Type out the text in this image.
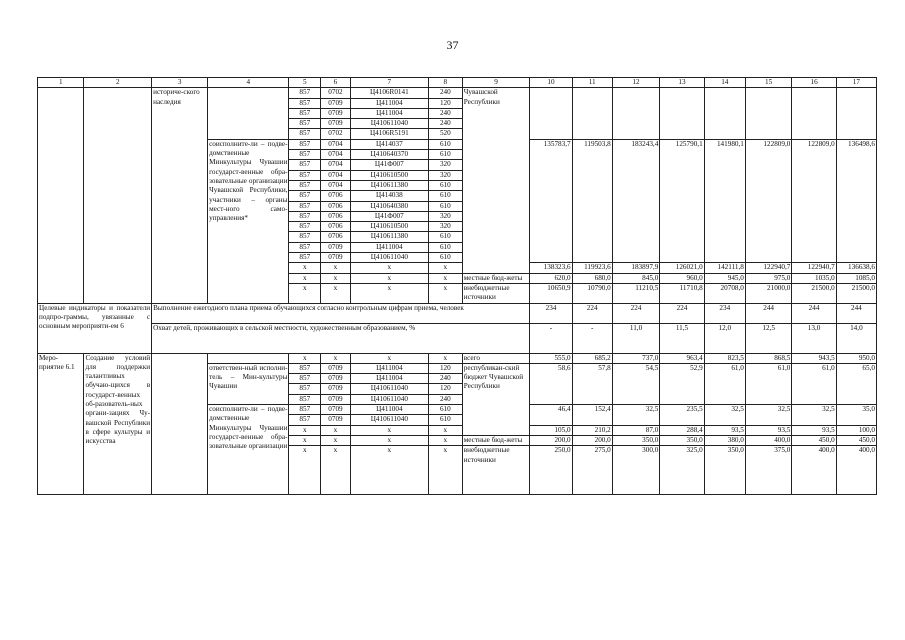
37
1	2	3	4	5	6	7	8	9	10	11	12	13	14	15	16	17
		историче-ского наследия		857	0702	Ц4106R0141	240	Чувашской Республики								
				857	0709	Ц411004	120									
				857	0709	Ц411004	240									
				857	0709	Ц410611040	240									
				857	0702	Ц4106R5191	520									
			соисполните-ли – подве-домственные Минкультуры Чувашии государст-венные обра-зовательные организации Чувашской Республики, участники – органы мест-ного само-управления*	857	0704	Ц414037	610		135783,7	119503,8	183243,4	125790,1	141980,1	122809,0	122809,0	136498,6
				857	0704	Ц410640370	610									
				857	0704	Ц41Ф007	320									
				857	0704	Ц410610500	320									
				857	0704	Ц410611380	610									
				857	0706	Ц414038	610									
				857	0706	Ц410640380	610									
				857	0706	Ц41Ф007	320									
				857	0706	Ц410610500	320									
				857	0706	Ц410611380	610									
				857	0709	Ц411004	610									
				857	0709	Ц410611040	610									
				x	x	x	x		138323,6	119923,6	183897,9	126021,0	142111,8	122940,7	122940,7	136638,6
				x	x	x	x	местные бюд-жеты	620,0	680,0	845,0	960,0	945,0	975,0	1035,0	1085,0
				x	x	x	x	внебюджетные источники	10650,9	10790,0	11210,5	11710,8	20708,0	21000,0	21500,0	21500,0
Целевые индикаторы и показатели подпро-граммы, увязанные с основным мероприяти-ем 6		Выполнение ежегодного плана приема обучающихся согласно контрольным цифрам приема, человек							234	224	224	224	234	244	244	244
		Охват детей, проживающих в сельской местности, художественным образованием, %							-	-	11,0	11,5	12,0	12,5	13,0	14,0
Меро-приятие 6.1	Создание условий для поддержки талантливых обучаю-щихся в государст-венных об-разователь-ных органи-зациях Чу-вашской Республики в сфере культуры и искусства			x	x	x	x	всего	555,0	685,2	737,0	963,4	823,5	868,5	943,5	950,0
			ответствен-ный исполни-тель – Мин-культуры Чувашии	857	0709	Ц411004	120	республикан-ский бюджет Чувашской Республики	58,6	57,8	54,5	52,9	61,0	61,0	61,0	65,0
				857	0709	Ц411004	240									
				857	0709	Ц410611040	120									
				857	0709	Ц410611040	240									
			соисполните-ли – подве-домственные Минкультуры Чувашии государст-венные обра-зовательные организации	857	0709	Ц411004	610		46,4	152,4	32,5	235,5	32,5	32,5	32,5	35,0
				857	0709	Ц410611040	610									
				x	x	x	x		105,0	210,2	87,0	288,4	93,5	93,5	93,5	100,0
				x	x	x	x	местные бюд-жеты	200,0	200,0	350,0	350,0	380,0	400,0	450,0	450,0
				x	x	x	x	внебюджетные источники	250,0	275,0	300,0	325,0	350,0	375,0	400,0	400,0
